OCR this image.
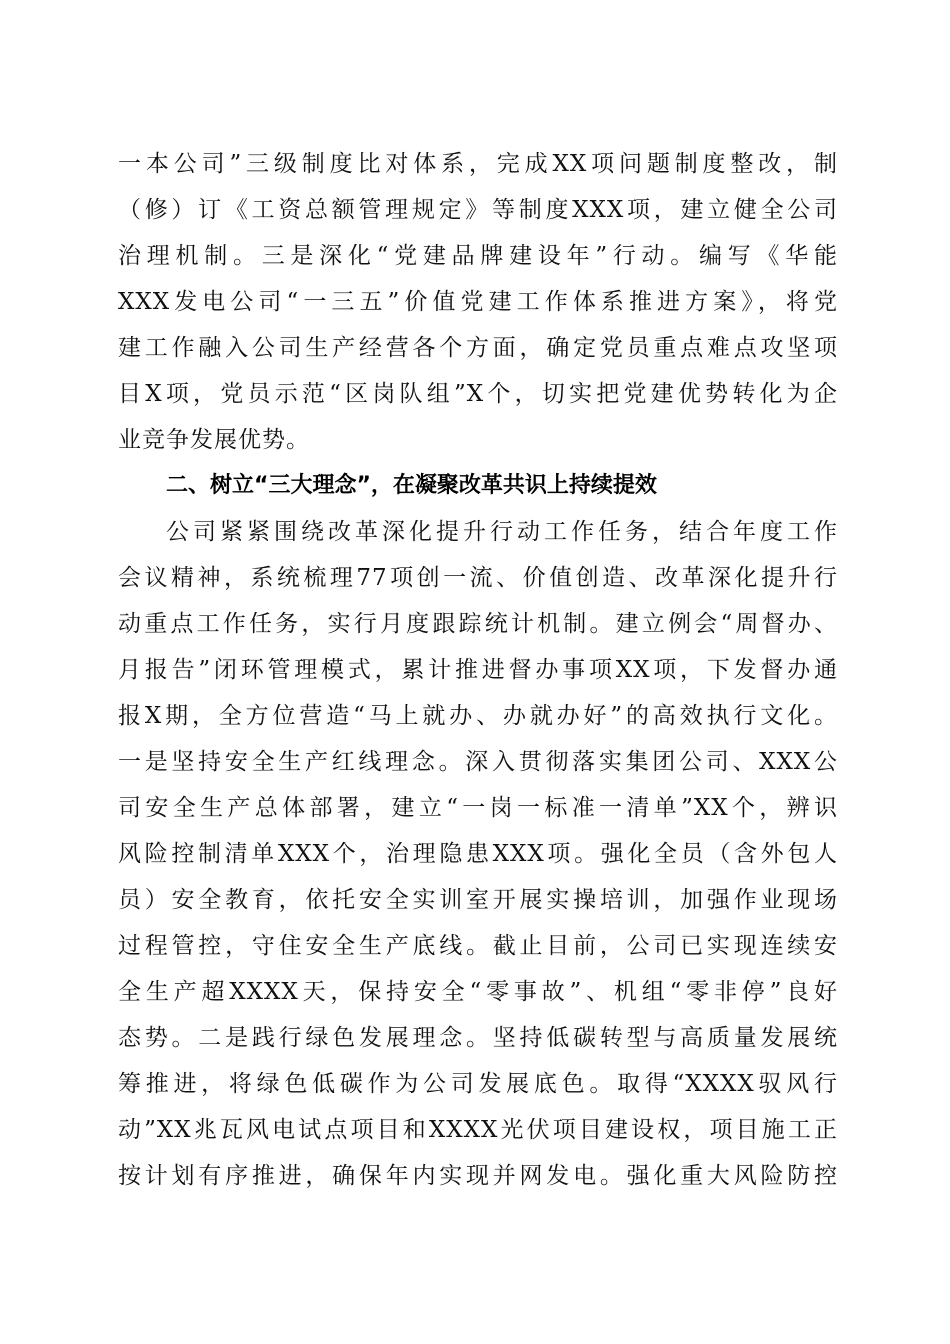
一本公司”三级制度比对体系，完成XX项问题制度整改，制
（修）订《工资总额管理规定》等制度XXX项，建立健全公司
治理机制。三是深化“党建品牌建设年”行动。编写《华能
XXX发电公司“一三五”价值党建工作体系推进方案》，将党
建工作融入公司生产经营各个方面，确定党员重点难点攻坚项
目X项，党员示范“区岗队组”X个，切实把党建优势转化为企
业竞争发展优势。
二、树立“三大理念”，在凝聚改革共识上持续提效
公司紧紧围绕改革深化提升行动工作任务，结合年度工作
会议精神，系统梳理77项创一流、价值创造、改革深化提升行
动重点工作任务，实行月度跟踪统计机制。建立例会“周督办、
月报告”闭环管理模式，累计推进督办事项XX项，下发督办通
报X期，全方位营造“马上就办、办就办好”的高效执行文化。
一是坚持安全生产红线理念。深入贯彻落实集团公司、XXX公
司安全生产总体部署，建立“一岗一标准一清单”XX个，辨识
风险控制清单XXX个，治理隐患XXX项。强化全员（含外包人
员）安全教育，依托安全实训室开展实操培训，加强作业现场
过程管控，守住安全生产底线。截止目前，公司已实现连续安
全生产超XXXX天，保持安全“零事故”、机组“零非停”良好
态势。二是践行绿色发展理念。坚持低碳转型与高质量发展统
筹推进，将绿色低碳作为公司发展底色。取得“XXXX驭风行
动”XX兆瓦风电试点项目和XXXX光伏项目建设权，项目施工正
按计划有序推进，确保年内实现并网发电。强化重大风险防控
